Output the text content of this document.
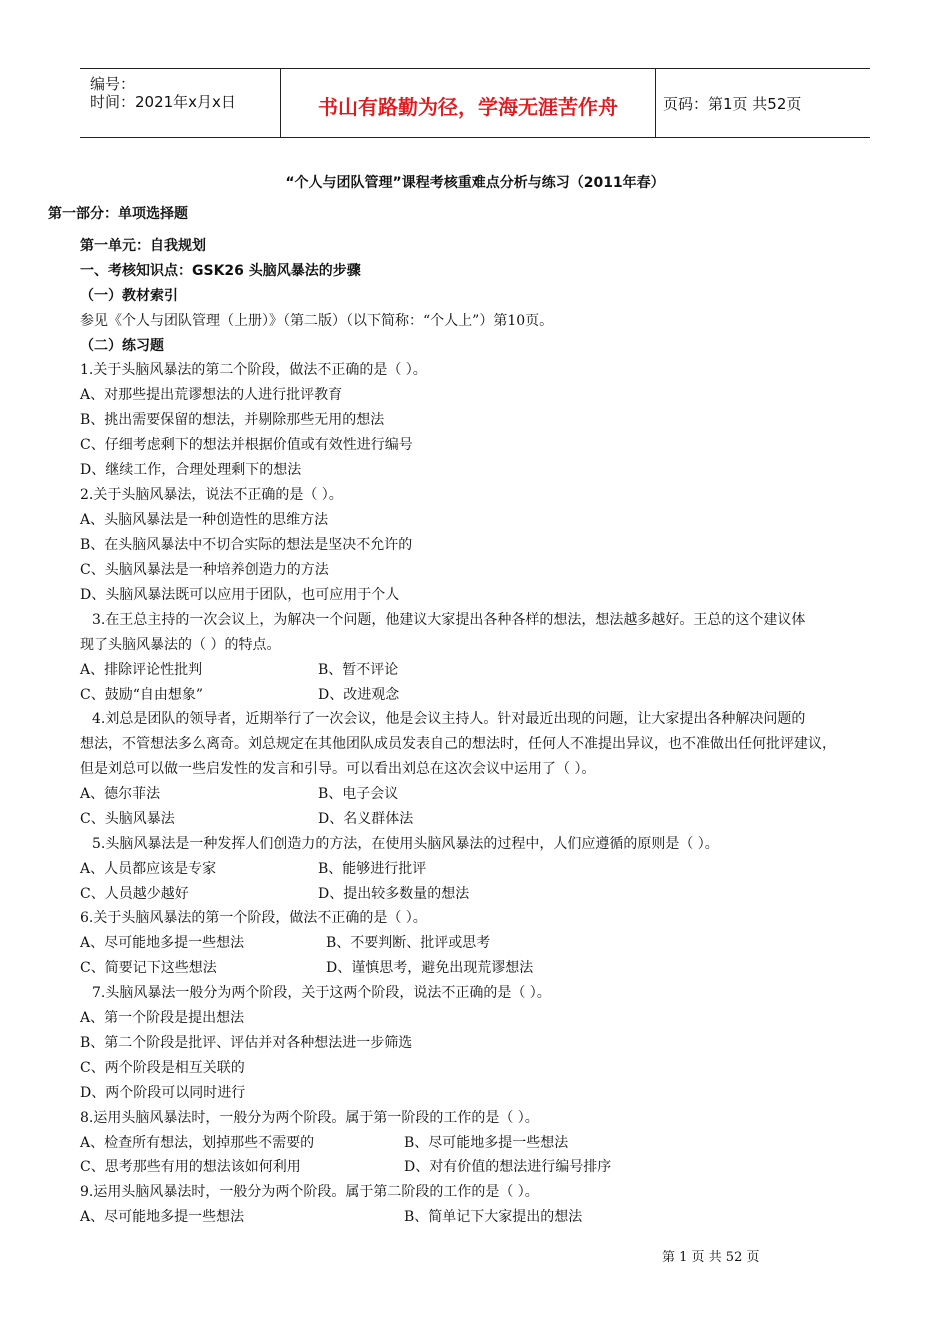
编号：
时间：2021年x月x日	书山有路勤为径，学海无涯苦作舟	页码：第1页 共52页
“个人与团队管理”课程考核重难点分析与练习（2011年春）
第一部分：单项选择题
第一单元：自我规划
一、考核知识点：GSK26 头脑风暴法的步骤
（一）教材索引
参见《个人与团队管理（上册）》（第二版）（以下简称：“个人上”）第10页。
（二）练习题
1.关于头脑风暴法的第二个阶段，做法不正确的是（ ）。
A、对那些提出荒谬想法的人进行批评教育
B、挑出需要保留的想法，并剔除那些无用的想法
C、仔细考虑剩下的想法并根据价值或有效性进行编号
D、继续工作，合理处理剩下的想法
2.关于头脑风暴法，说法不正确的是（ ）。
A、头脑风暴法是一种创造性的思维方法
B、在头脑风暴法中不切合实际的想法是坚决不允许的
C、头脑风暴法是一种培养创造力的方法
D、头脑风暴法既可以应用于团队，也可应用于个人
3.在王总主持的一次会议上，为解决一个问题，他建议大家提出各种各样的想法，想法越多越好。王总的这个建议体
现了头脑风暴法的（ ）的特点。
A、排除评论性批判	B、暂不评论
C、鼓励“自由想象”	D、改进观念
4.刘总是团队的领导者，近期举行了一次会议，他是会议主持人。针对最近出现的问题，让大家提出各种解决问题的
想法，不管想法多么离奇。刘总规定在其他团队成员发表自己的想法时，任何人不准提出异议，也不准做出任何批评建议，
但是刘总可以做一些启发性的发言和引导。可以看出刘总在这次会议中运用了（ ）。
A、德尔菲法	B、电子会议
C、头脑风暴法	D、名义群体法
5.头脑风暴法是一种发挥人们创造力的方法，在使用头脑风暴法的过程中，人们应遵循的原则是（ ）。
A、人员都应该是专家	B、能够进行批评
C、人员越少越好	D、提出较多数量的想法
6.关于头脑风暴法的第一个阶段，做法不正确的是（ ）。
A、尽可能地多提一些想法	B、不要判断、批评或思考
C、简要记下这些想法	D、谨慎思考，避免出现荒谬想法
7.头脑风暴法一般分为两个阶段，关于这两个阶段，说法不正确的是（ ）。
A、第一个阶段是提出想法
B、第二个阶段是批评、评估并对各种想法进一步筛选
C、两个阶段是相互关联的
D、两个阶段可以同时进行
8.运用头脑风暴法时，一般分为两个阶段。属于第一阶段的工作的是（ ）。
A、检查所有想法，划掉那些不需要的	B、尽可能地多提一些想法
C、思考那些有用的想法该如何利用	D、对有价值的想法进行编号排序
9.运用头脑风暴法时，一般分为两个阶段。属于第二阶段的工作的是（ ）。
A、尽可能地多提一些想法	B、简单记下大家提出的想法
第 1 页 共 52 页
